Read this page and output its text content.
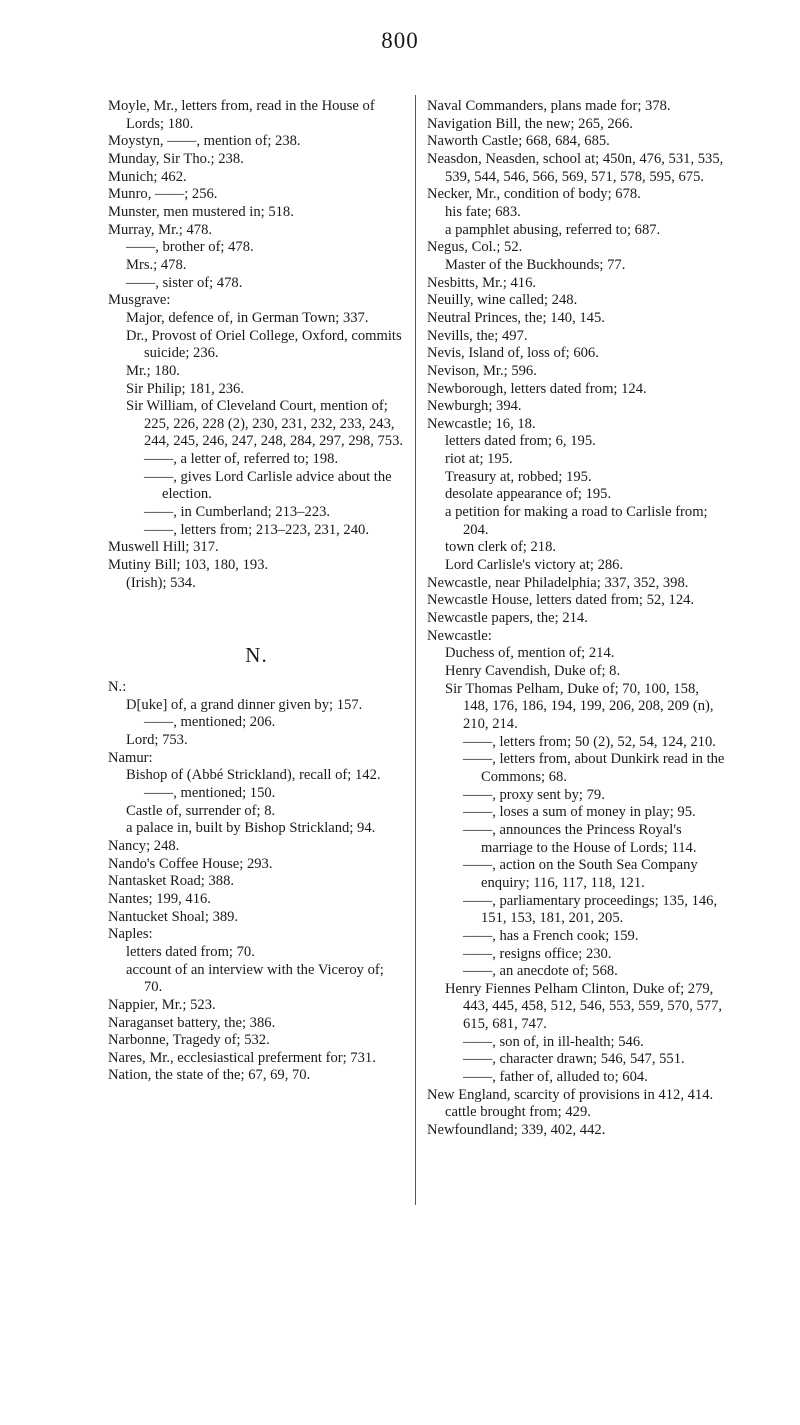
800
Moyle, Mr., letters from, read in the House of Lords; 180.
Moystyn, ——, mention of; 238.
Munday, Sir Tho.; 238.
Munich; 462.
Munro, ——; 256.
Munster, men mustered in; 518.
Murray, Mr.; 478.
——, brother of; 478.
Mrs.; 478.
——, sister of; 478.
Musgrave:
Major, defence of, in German Town; 337.
Dr., Provost of Oriel College, Oxford, commits suicide; 236.
Mr.; 180.
Sir Philip; 181, 236.
Sir William, of Cleveland Court, mention of; 225, 226, 228 (2), 230, 231, 232, 233, 243, 244, 245, 246, 247, 248, 284, 297, 298, 753.
——, a letter of, referred to; 198.
——, gives Lord Carlisle advice about the election.
——, in Cumberland; 213–223.
——, letters from; 213–223, 231, 240.
Muswell Hill; 317.
Mutiny Bill; 103, 180, 193.
(Irish); 534.
N.
N.:
D[uke] of, a grand dinner given by; 157.
——, mentioned; 206.
Lord; 753.
Namur:
Bishop of (Abbé Strickland), recall of; 142.
——, mentioned; 150.
Castle of, surrender of; 8.
a palace in, built by Bishop Strickland; 94.
Nancy; 248.
Nando's Coffee House; 293.
Nantasket Road; 388.
Nantes; 199, 416.
Nantucket Shoal; 389.
Naples:
letters dated from; 70.
account of an interview with the Viceroy of; 70.
Nappier, Mr.; 523.
Naraganset battery, the; 386.
Narbonne, Tragedy of; 532.
Nares, Mr., ecclesiastical preferment for; 731.
Nation, the state of the; 67, 69, 70.
Naval Commanders, plans made for; 378.
Navigation Bill, the new; 265, 266.
Naworth Castle; 668, 684, 685.
Neasdon, Neasden, school at; 450n, 476, 531, 535, 539, 544, 546, 566, 569, 571, 578, 595, 675.
Necker, Mr., condition of body; 678.
his fate; 683.
a pamphlet abusing, referred to; 687.
Negus, Col.; 52.
Master of the Buckhounds; 77.
Nesbitts, Mr.; 416.
Neuilly, wine called; 248.
Neutral Princes, the; 140, 145.
Nevills, the; 497.
Nevis, Island of, loss of; 606.
Nevison, Mr.; 596.
Newborough, letters dated from; 124.
Newburgh; 394.
Newcastle; 16, 18.
letters dated from; 6, 195.
riot at; 195.
Treasury at, robbed; 195.
desolate appearance of; 195.
a petition for making a road to Carlisle from; 204.
town clerk of; 218.
Lord Carlisle's victory at; 286.
Newcastle, near Philadelphia; 337, 352, 398.
Newcastle House, letters dated from; 52, 124.
Newcastle papers, the; 214.
Newcastle:
Duchess of, mention of; 214.
Henry Cavendish, Duke of; 8.
Sir Thomas Pelham, Duke of; 70, 100, 158, 148, 176, 186, 194, 199, 206, 208, 209 (n), 210, 214.
——, letters from; 50 (2), 52, 54, 124, 210.
——, letters from, about Dunkirk read in the Commons; 68.
——, proxy sent by; 79.
——, loses a sum of money in play; 95.
——, announces the Princess Royal's marriage to the House of Lords; 114.
——, action on the South Sea Company enquiry; 116, 117, 118, 121.
——, parliamentary proceedings; 135, 146, 151, 153, 181, 201, 205.
——, has a French cook; 159.
——, resigns office; 230.
——, an anecdote of; 568.
Henry Fiennes Pelham Clinton, Duke of; 279, 443, 445, 458, 512, 546, 553, 559, 570, 577, 615, 681, 747.
——, son of, in ill-health; 546.
——, character drawn; 546, 547, 551.
——, father of, alluded to; 604.
New England, scarcity of provisions in 412, 414.
cattle brought from; 429.
Newfoundland; 339, 402, 442.
